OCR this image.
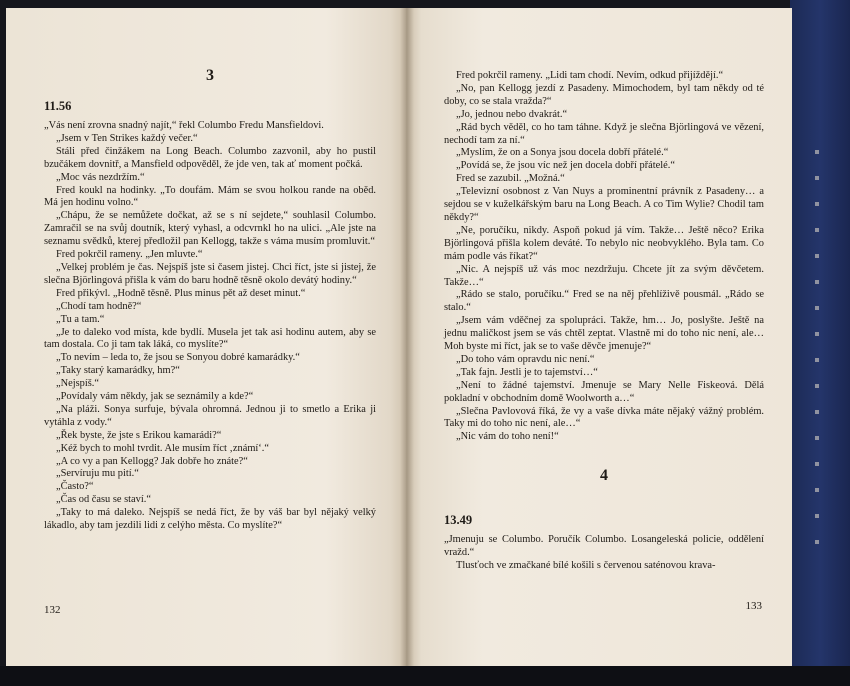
3
11.56

„Vás není zrovna snadný najít,“ řekl Columbo Fredu Mansfieldovi.

„Jsem v Ten Strikes každý večer.“

Stáli před činžákem na Long Beach. Columbo zazvonil, aby ho pustil bzučákem dovnitř, a Mansfield odpověděl, že jde ven, tak ať moment počká.

„Moc vás nezdržím.“

Fred koukl na hodinky. „To doufám. Mám se svou holkou rande na oběd. Má jen hodinu volno.“

„Chápu, že se nemůžete dočkat, až se s ní sejdete,“ souhlasil Columbo. Zamračil se na svůj doutník, který vyhasl, a odcvrnkl ho na ulici. „Ale jste na seznamu svědků, kterej předložil pan Kellogg, takže s váma musím promluvit.“

Fred pokrčil rameny. „Jen mluvte.“

„Velkej problém je čas. Nejspíš jste si časem jistej. Chci říct, jste si jistej, že slečna Björlingová přišla k vám do baru hodně těsně okolo devátý hodiny.“

Fred přikývl. „Hodně těsně. Plus minus pět až deset minut.“

„Chodí tam hodně?“

„Tu a tam.“

„Je to daleko vod místa, kde bydlí. Musela jet tak asi hodinu autem, aby se tam dostala. Co ji tam tak láká, co myslíte?“

„To nevím – leda to, že jsou se Sonyou dobré kamarádky.“

„Taky starý kamarádky, hm?“

„Nejspíš.“

„Povídaly vám někdy, jak se seznámily a kde?“

„Na pláži. Sonya surfuje, bývala ohromná. Jednou ji to smetlo a Erika ji vytáhla z vody.“

„Řek byste, že jste s Erikou kamarádi?“

„Kéž bych to mohl tvrdit. Ale musím říct ‚známí‘.“

„A co vy a pan Kellogg? Jak dobře ho znáte?“

„Servíruju mu pití.“

„Často?“

„Čas od času se staví.“

„Taky to má daleko. Nejspíš se nedá říct, že by váš bar byl nějaký velký lákadlo, aby tam jezdili lidi z celýho města. Co myslíte?“

132

Fred pokrčil rameny. „Lidi tam chodí. Nevím, odkud přijíždějí.“

„No, pan Kellogg jezdí z Pasadeny. Mimochodem, byl tam někdy od té doby, co se stala vražda?“

„Jo, jednou nebo dvakrát.“

„Rád bych věděl, co ho tam táhne. Když je slečna Björlingová ve vězení, nechodí tam za ní.“

„Myslím, že on a Sonya jsou docela dobří přátelé.“

„Povídá se, že jsou víc než jen docela dobří přátelé.“

Fred se zazubil. „Možná.“

„Televizní osobnost z Van Nuys a prominentní právník z Pasadeny… a sejdou se v kuželkářským baru na Long Beach. A co Tim Wylie? Chodil tam někdy?“

„Ne, poručíku, nikdy. Aspoň pokud já vím. Takže… Ještě něco? Erika Björlingová přišla kolem deváté. To nebylo nic neobvyklého. Byla tam. Co mám podle vás říkat?“

„Nic. A nejspíš už vás moc nezdržuju. Chcete jít za svým děvčetem. Takže…“

„Rádo se stalo, poručíku.“ Fred se na něj přehlíživě pousmál. „Rádo se stalo.“

„Jsem vám vděčnej za spolupráci. Takže, hm… Jo, poslyšte. Ještě na jednu maličkost jsem se vás chtěl zeptat. Vlastně mi do toho nic není, ale… Moh byste mi říct, jak se to vaše děvče jmenuje?“

„Do toho vám opravdu nic není.“

„Tak fajn. Jestli je to tajemství…“

„Není to žádné tajemství. Jmenuje se Mary Nelle Fiskeová. Dělá pokladní v obchodním domě Woolworth a…“

„Slečna Pavlovová říká, že vy a vaše dívka máte nějaký vážný problém. Taky mi do toho nic není, ale…“

„Nic vám do toho není!“

4
13.49

„Jmenuju se Columbo. Poručík Columbo. Losangeleská policie, oddělení vražd.“

Tlusťoch ve zmačkané bílé košili s červenou saténovou kravа-

133
